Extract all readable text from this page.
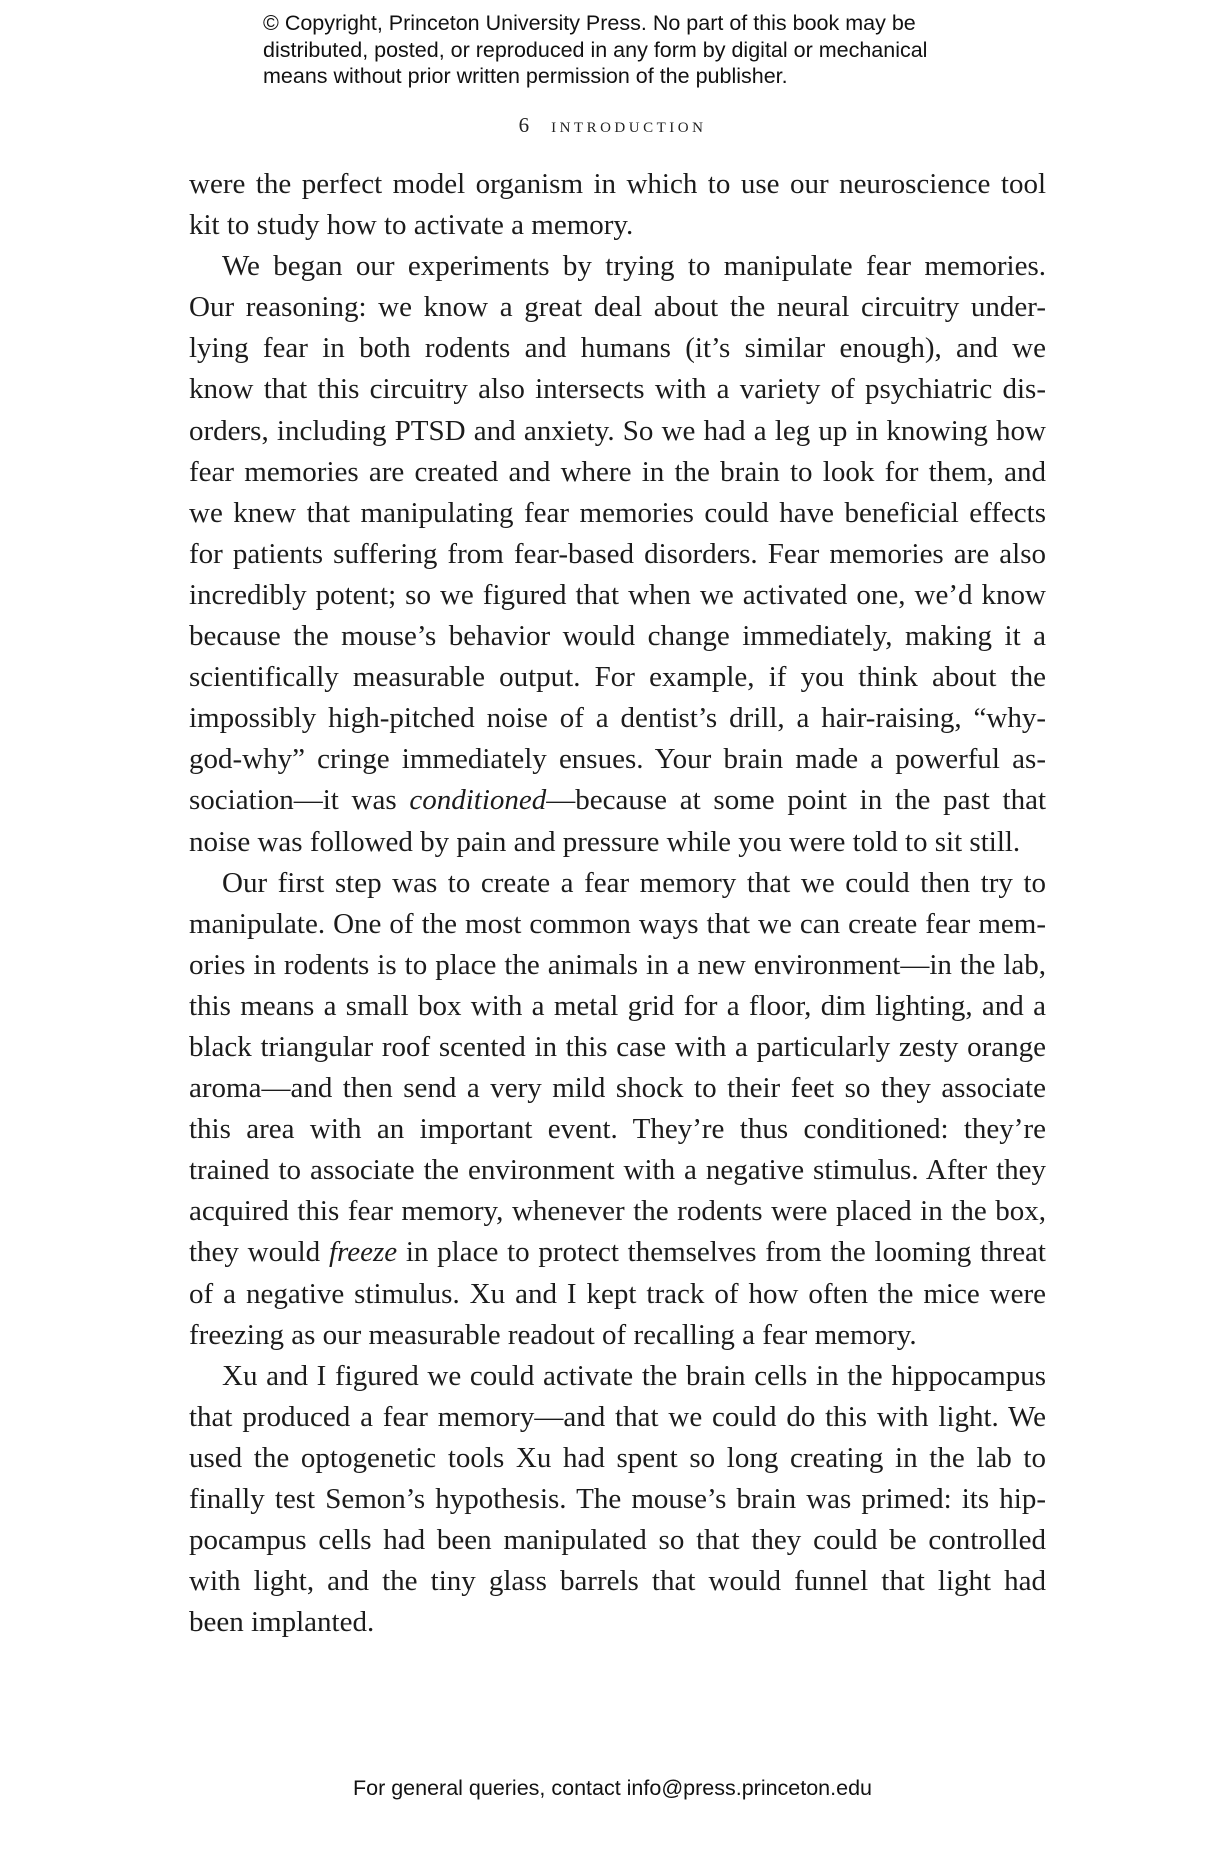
© Copyright, Princeton University Press. No part of this book may be
distributed, posted, or reproduced in any form by digital or mechanical
means without prior written permission of the publisher.
6 introduction
were the perfect model organism in which to use our neuroscience tool
kit to study how to activate a memory.
We began our experiments by trying to manipulate fear memories.
Our reasoning: we know a great deal about the neural circuitry under-
lying fear in both rodents and humans (it’s similar enough), and we
know that this circuitry also intersects with a variety of psychiatric dis-
orders, including PTSD and anxiety. So we had a leg up in knowing how
fear memories are created and where in the brain to look for them, and
we knew that manipulating fear memories could have beneficial effects
for patients suffering from fear-based disorders. Fear memories are also
incredibly potent; so we figured that when we activated one, we’d know
because the mouse’s behavior would change immediately, making it a
scientifically measurable output. For example, if you think about the
impossibly high-pitched noise of a dentist’s drill, a hair-raising, “why-
god-why” cringe immediately ensues. Your brain made a powerful as-
sociation—it was conditioned—because at some point in the past that
noise was followed by pain and pressure while you were told to sit still.
Our first step was to create a fear memory that we could then try to
manipulate. One of the most common ways that we can create fear mem-
ories in rodents is to place the animals in a new environment—in the lab,
this means a small box with a metal grid for a floor, dim lighting, and a
black triangular roof scented in this case with a particularly zesty orange
aroma—and then send a very mild shock to their feet so they associate
this area with an important event. They’re thus conditioned: they’re
trained to associate the environment with a negative stimulus. After they
acquired this fear memory, whenever the rodents were placed in the box,
they would freeze in place to protect themselves from the looming threat
of a negative stimulus. Xu and I kept track of how often the mice were
freezing as our measurable readout of recalling a fear memory.
Xu and I figured we could activate the brain cells in the hippocampus
that produced a fear memory—and that we could do this with light. We
used the optogenetic tools Xu had spent so long creating in the lab to
finally test Semon’s hypothesis. The mouse’s brain was primed: its hip-
pocampus cells had been manipulated so that they could be controlled
with light, and the tiny glass barrels that would funnel that light had
been implanted.
For general queries, contact info@press.princeton.edu
